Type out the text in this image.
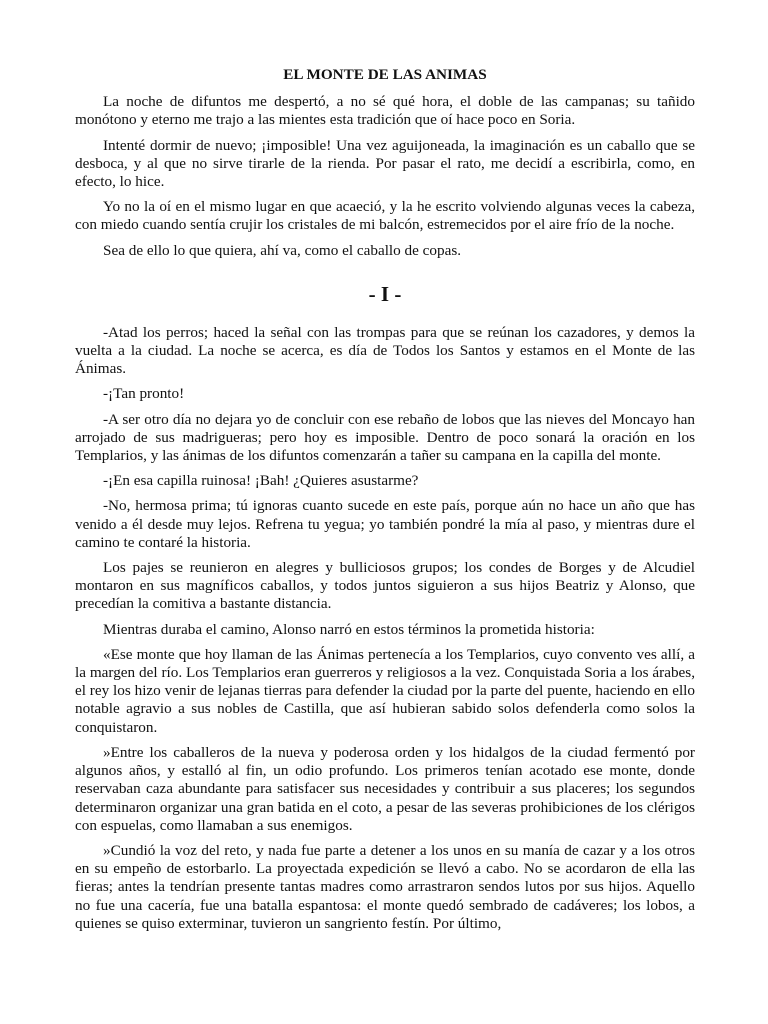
EL MONTE DE LAS ANIMAS

La noche de difuntos me despertó, a no sé qué hora, el doble de las campanas; su tañido monótono y eterno me trajo a las mientes esta tradición que oí hace poco en Soria.

Intenté dormir de nuevo; ¡imposible! Una vez aguijoneada, la imaginación es un caballo que se desboca, y al que no sirve tirarle de la rienda. Por pasar el rato, me decidí a escribirla, como, en efecto, lo hice.

Yo no la oí en el mismo lugar en que acaeció, y la he escrito volviendo algunas veces la cabeza, con miedo cuando sentía crujir los cristales de mi balcón, estremecidos por el aire frío de la noche.

Sea de ello lo que quiera, ahí va, como el caballo de copas.

- I -

-Atad los perros; haced la señal con las trompas para que se reúnan los cazadores, y demos la vuelta a la ciudad. La noche se acerca, es día de Todos los Santos y estamos en el Monte de las Ánimas.

-¡Tan pronto!

-A ser otro día no dejara yo de concluir con ese rebaño de lobos que las nieves del Moncayo han arrojado de sus madrigueras; pero hoy es imposible. Dentro de poco sonará la oración en los Templarios, y las ánimas de los difuntos comenzarán a tañer su campana en la capilla del monte.

-¡En esa capilla ruinosa! ¡Bah! ¿Quieres asustarme?

-No, hermosa prima; tú ignoras cuanto sucede en este país, porque aún no hace un año que has venido a él desde muy lejos. Refrena tu yegua; yo también pondré la mía al paso, y mientras dure el camino te contaré la historia.

Los pajes se reunieron en alegres y bulliciosos grupos; los condes de Borges y de Alcudiel montaron en sus magníficos caballos, y todos juntos siguieron a sus hijos Beatriz y Alonso, que precedían la comitiva a bastante distancia.

Mientras duraba el camino, Alonso narró en estos términos la prometida historia:

«Ese monte que hoy llaman de las Ánimas pertenecía a los Templarios, cuyo convento ves allí, a la margen del río. Los Templarios eran guerreros y religiosos a la vez. Conquistada Soria a los árabes, el rey los hizo venir de lejanas tierras para defender la ciudad por la parte del puente, haciendo en ello notable agravio a sus nobles de Castilla, que así hubieran sabido solos defenderla como solos la conquistaron.

»Entre los caballeros de la nueva y poderosa orden y los hidalgos de la ciudad fermentó por algunos años, y estalló al fin, un odio profundo. Los primeros tenían acotado ese monte, donde reservaban caza abundante para satisfacer sus necesidades y contribuir a sus placeres; los segundos determinaron organizar una gran batida en el coto, a pesar de las severas prohibiciones de los clérigos con espuelas, como llamaban a sus enemigos.

»Cundió la voz del reto, y nada fue parte a detener a los unos en su manía de cazar y a los otros en su empeño de estorbarlo. La proyectada expedición se llevó a cabo. No se acordaron de ella las fieras; antes la tendrían presente tantas madres como arrastraron sendos lutos por sus hijos. Aquello no fue una cacería, fue una batalla espantosa: el monte quedó sembrado de cadáveres; los lobos, a quienes se quiso exterminar, tuvieron un sangriento festín. Por último,
